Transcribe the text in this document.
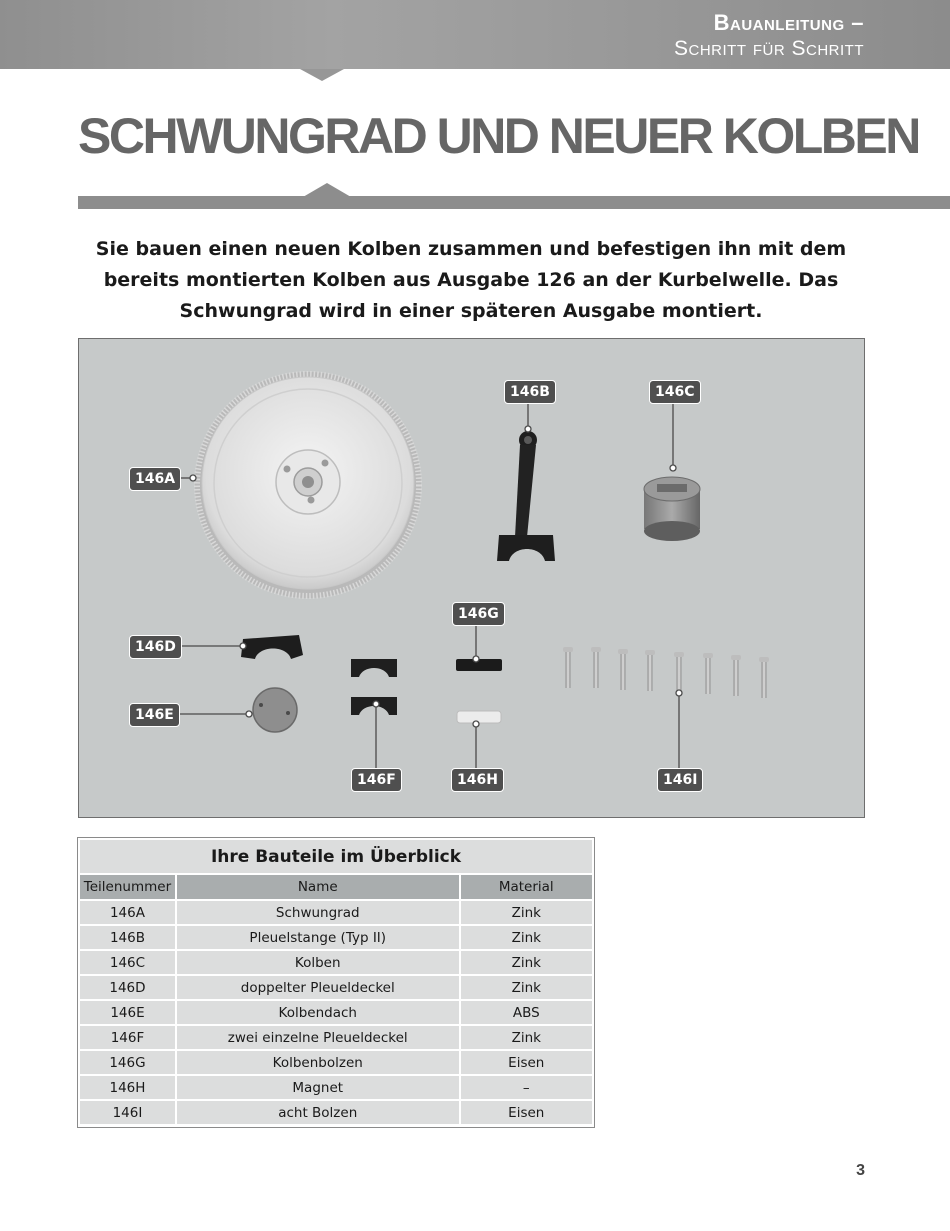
Bauanleitung –
Schritt für Schritt
SCHWUNGRAD UND NEUER KOLBEN

Sie bauen einen neuen Kolben zusammen und befestigen ihn mit dem bereits montierten Kolben aus Ausgabe 126 an der Kurbelwelle. Das Schwungrad wird in einer späteren Ausgabe montiert.

146A
146B	146C
146D
146E
146F
146G
146H	146I
Ihre Bauteile im Überblick		
Teilenummer	Name	Material
146A	Schwungrad	Zink
146B	Pleuelstange (Typ II)	Zink
146C	Kolben	Zink
146D	doppelter Pleueldeckel	Zink
146E	Kolbendach	ABS
146F	zwei einzelne Pleueldeckel	Zink
146G	Kolbenbolzen	Eisen
146H	Magnet	–
146I	acht Bolzen	Eisen
3
